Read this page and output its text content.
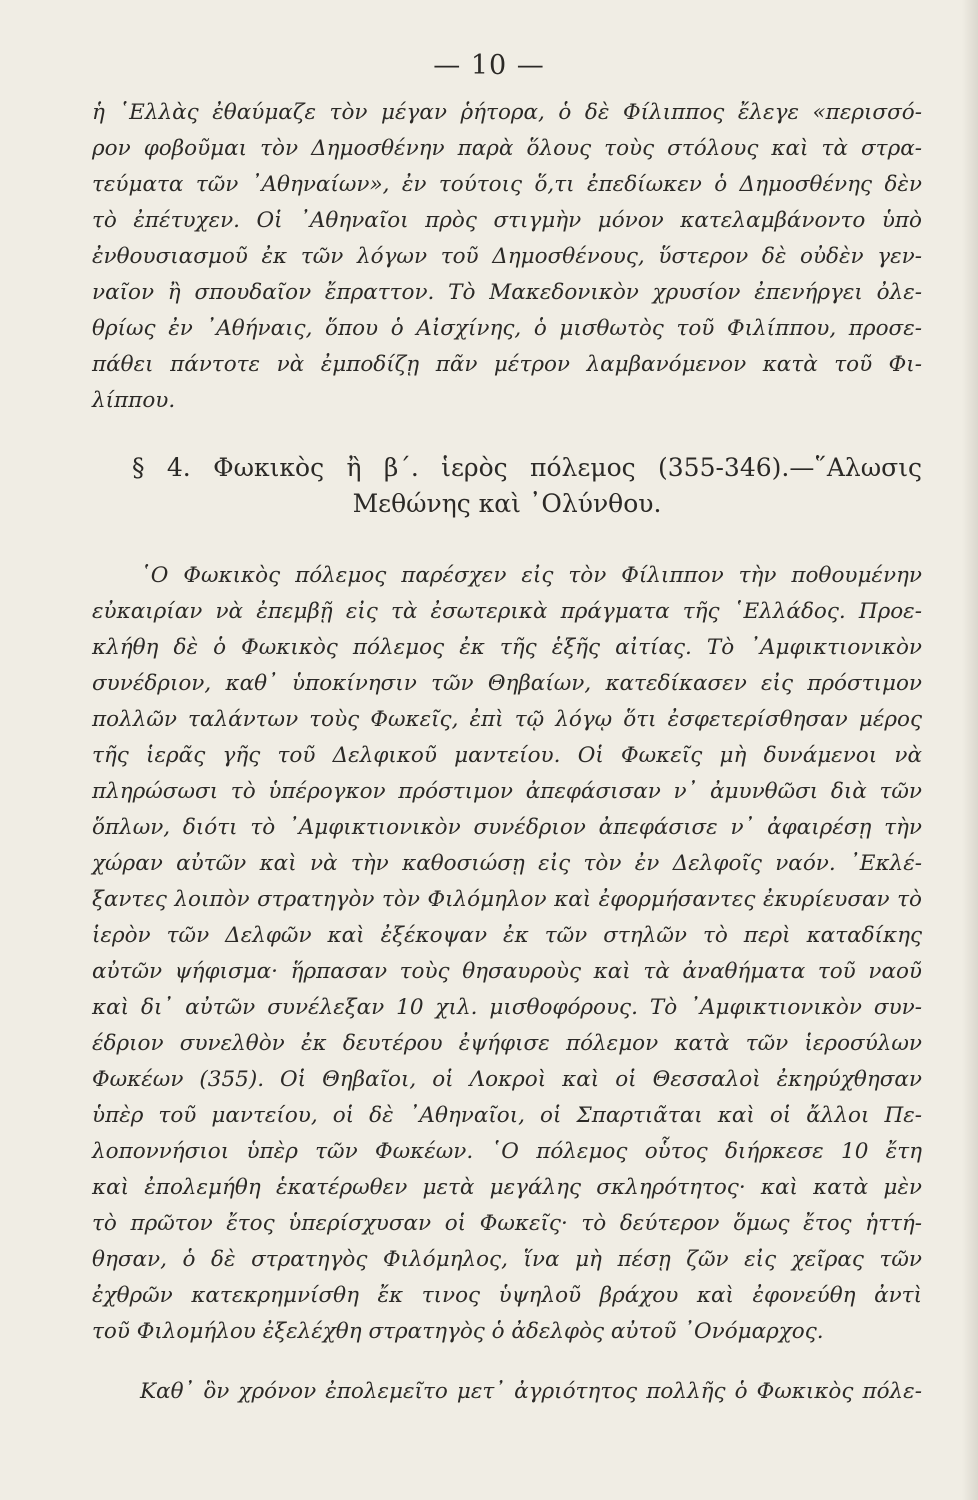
— 10 —
ἡ ῾Ελλὰς ἐθαύμαζε τὸν μέγαν ῥήτορα, ὁ δὲ Φίλιππος ἔλεγε «περισσό-
ρον φοβοῦμαι τὸν Δημοσθένην παρὰ ὅλους τοὺς στόλους καὶ τὰ στρα-
τεύματα τῶν ᾿Αθηναίων», ἐν τούτοις ὅ,τι ἐπεδίωκεν ὁ Δημοσθένης δὲν
τὸ ἐπέτυχεν. Οἱ ᾿Αθηναῖοι πρὸς στιγμὴν μόνον κατελαμβάνοντο ὑπὸ
ἐνθουσιασμοῦ ἐκ τῶν λόγων τοῦ Δημοσθένους, ὕστερον δὲ οὐδὲν γεν-
ναῖον ἢ σπουδαῖον ἔπραττον. Τὸ Μακεδονικὸν χρυσίον ἐπενήργει ὀλε-
θρίως ἐν ᾿Αθήναις, ὅπου ὁ Αἰσχίνης, ὁ μισθωτὸς τοῦ Φιλίππου, προσε-
πάθει πάντοτε νὰ ἐμποδίζῃ πᾶν μέτρον λαμβανόμενον κατὰ τοῦ Φι-
λίππου.
§ 4. Φωκικὸς ἢ β΄. ἱερὸς πόλεμος (355-346).—῞Αλωσις
Μεθώνης καὶ ᾿Ολύνθου.
῾Ο Φωκικὸς πόλεμος παρέσχεν εἰς τὸν Φίλιππον τὴν ποθουμένην
εὐκαιρίαν νὰ ἐπεμβῇ εἰς τὰ ἐσωτερικὰ πράγματα τῆς ῾Ελλάδος. Προε-
κλήθη δὲ ὁ Φωκικὸς πόλεμος ἐκ τῆς ἑξῆς αἰτίας. Τὸ ᾿Αμφικτιονικὸν
συνέδριον, καθ᾿ ὑποκίνησιν τῶν Θηβαίων, κατεδίκασεν εἰς πρόστιμον
πολλῶν ταλάντων τοὺς Φωκεῖς, ἐπὶ τῷ λόγῳ ὅτι ἐσφετερίσθησαν μέρος
τῆς ἱερᾶς γῆς τοῦ Δελφικοῦ μαντείου. Οἱ Φωκεῖς μὴ δυνάμενοι νὰ
πληρώσωσι τὸ ὑπέρογκον πρόστιμον ἀπεφάσισαν ν᾿ ἀμυνθῶσι διὰ τῶν
ὅπλων, διότι τὸ ᾿Αμφικτιονικὸν συνέδριον ἀπεφάσισε ν᾿ ἀφαιρέσῃ τὴν
χώραν αὐτῶν καὶ νὰ τὴν καθοσιώσῃ εἰς τὸν ἐν Δελφοῖς ναόν. ᾿Εκλέ-
ξαντες λοιπὸν στρατηγὸν τὸν Φιλόμηλον καὶ ἐφορμήσαντες ἐκυρίευσαν τὸ
ἱερὸν τῶν Δελφῶν καὶ ἐξέκοψαν ἐκ τῶν στηλῶν τὸ περὶ καταδίκης
αὐτῶν ψήφισμα· ἥρπασαν τοὺς θησαυροὺς καὶ τὰ ἀναθήματα τοῦ ναοῦ
καὶ δι᾿ αὐτῶν συνέλεξαν 10 χιλ. μισθοφόρους. Τὸ ᾿Αμφικτιονικὸν συν-
έδριον συνελθὸν ἐκ δευτέρου ἐψήφισε πόλεμον κατὰ τῶν ἱεροσύλων
Φωκέων (355). Οἱ Θηβαῖοι, οἱ Λοκροὶ καὶ οἱ Θεσσαλοὶ ἐκηρύχθησαν
ὑπὲρ τοῦ μαντείου, οἱ δὲ ᾿Αθηναῖοι, οἱ Σπαρτιᾶται καὶ οἱ ἄλλοι Πε-
λοποννήσιοι ὑπὲρ τῶν Φωκέων. ῾Ο πόλεμος οὗτος διήρκεσε 10 ἔτη
καὶ ἐπολεμήθη ἑκατέρωθεν μετὰ μεγάλης σκληρότητος· καὶ κατὰ μὲν
τὸ πρῶτον ἔτος ὑπερίσχυσαν οἱ Φωκεῖς· τὸ δεύτερον ὅμως ἔτος ἡττή-
θησαν, ὁ δὲ στρατηγὸς Φιλόμηλος, ἵνα μὴ πέσῃ ζῶν εἰς χεῖρας τῶν
ἐχθρῶν κατεκρημνίσθη ἔκ τινος ὑψηλοῦ βράχου καὶ ἐφονεύθη ἀντὶ
τοῦ Φιλομήλου ἐξελέχθη στρατηγὸς ὁ ἀδελφὸς αὐτοῦ ᾿Ονόμαρχος.
Καθ᾿ ὃν χρόνον ἐπολεμεῖτο μετ᾿ ἀγριότητος πολλῆς ὁ Φωκικὸς πόλε-
